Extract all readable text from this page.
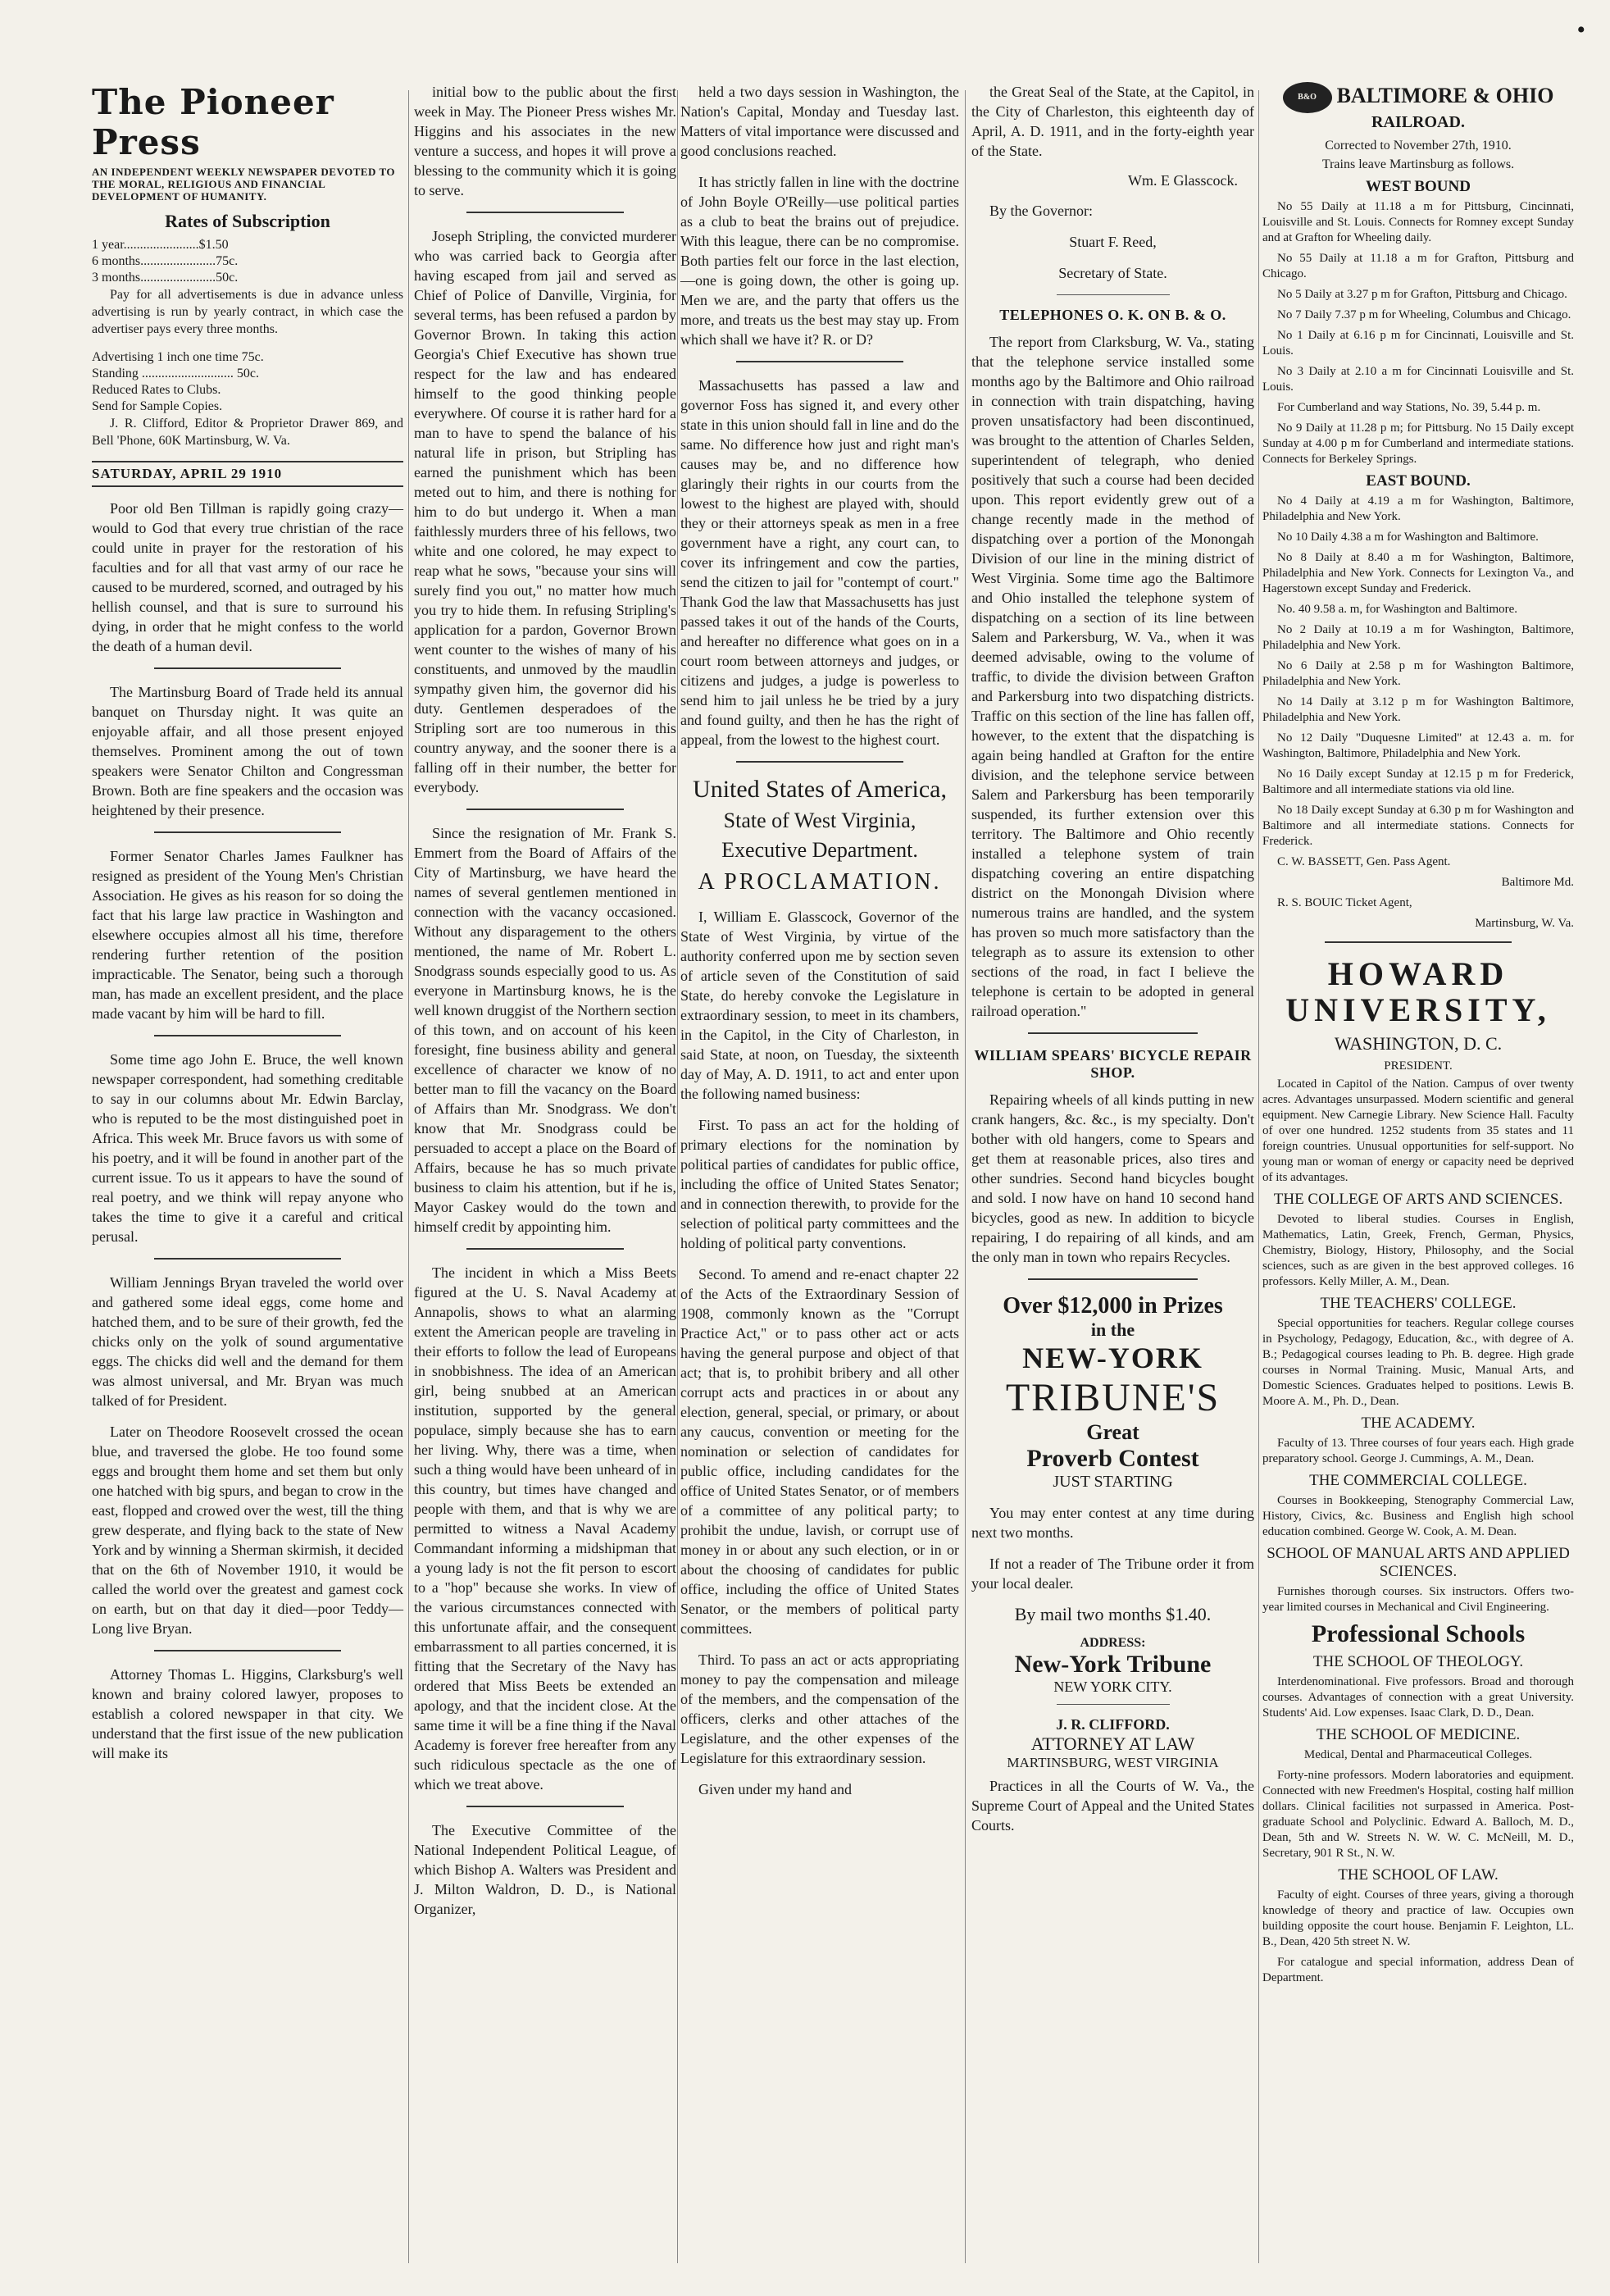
•
The Pioneer Press
AN INDEPENDENT WEEKLY NEWSPAPER DEVOTED TO THE MORAL, RELIGIOUS AND FINANCIAL DEVELOPMENT OF HUMANITY.
Rates of Subscription
1 year.......................$1.50
6 months.......................75c.
3 months.......................50c.

Pay for all advertisements is due in advance unless advertising is run by yearly contract, in which case the advertiser pays every three months.

Advertising 1 inch one time 75c.
Standing ............................ 50c.
Reduced Rates to Clubs.
Send for Sample Copies.

J. R. Clifford, Editor & Proprietor Drawer 869, and Bell 'Phone, 60K Martinsburg, W. Va.

SATURDAY, APRIL 29 1910

Poor old Ben Tillman is rapidly going crazy—would to God that every true christian of the race could unite in prayer for the restoration of his faculties and for all that vast army of our race he caused to be murdered, scorned, and outraged by his hellish counsel, and that is sure to surround his dying, in order that he might confess to the world the death of a human devil.

The Martinsburg Board of Trade held its annual banquet on Thursday night. It was quite an enjoyable affair, and all those present enjoyed themselves. Prominent among the out of town speakers were Senator Chilton and Congressman Brown. Both are fine speakers and the occasion was heightened by their presence.

Former Senator Charles James Faulkner has resigned as president of the Young Men's Christian Association. He gives as his reason for so doing the fact that his large law practice in Washington and elsewhere occupies almost all his time, therefore rendering further retention of the position impracticable. The Senator, being such a thorough man, has made an excellent president, and the place made vacant by him will be hard to fill.

Some time ago John E. Bruce, the well known newspaper correspondent, had something creditable to say in our columns about Mr. Edwin Barclay, who is reputed to be the most distinguished poet in Africa. This week Mr. Bruce favors us with some of his poetry, and it will be found in another part of the current issue. To us it appears to have the sound of real poetry, and we think will repay anyone who takes the time to give it a careful and critical perusal.

William Jennings Bryan traveled the world over and gathered some ideal eggs, come home and hatched them, and to be sure of their growth, fed the chicks only on the yolk of sound argumentative eggs. The chicks did well and the demand for them was almost universal, and Mr. Bryan was much talked of for President.

Later on Theodore Roosevelt crossed the ocean blue, and traversed the globe. He too found some eggs and brought them home and set them but only one hatched with big spurs, and began to crow in the east, flopped and crowed over the west, till the thing grew desperate, and flying back to the state of New York and by winning a Sherman skirmish, it decided that on the 6th of November 1910, it would be called the world over the greatest and gamest cock on earth, but on that day it died—poor Teddy—Long live Bryan.

Attorney Thomas L. Higgins, Clarksburg's well known and brainy colored lawyer, proposes to establish a colored newspaper in that city. We understand that the first issue of the new publication will make its

initial bow to the public about the first week in May. The Pioneer Press wishes Mr. Higgins and his associates in the new venture a success, and hopes it will prove a blessing to the community which it is going to serve.

Joseph Stripling, the convicted murderer who was carried back to Georgia after having escaped from jail and served as Chief of Police of Danville, Virginia, for several terms, has been refused a pardon by Governor Brown. In taking this action Georgia's Chief Executive has shown true respect for the law and has endeared himself to the good thinking people everywhere. Of course it is rather hard for a man to have to spend the balance of his natural life in prison, but Stripling has earned the punishment which has been meted out to him, and there is nothing for him to do but undergo it. When a man faithlessly murders three of his fellows, two white and one colored, he may expect to reap what he sows, "because your sins will surely find you out," no matter how much you try to hide them. In refusing Stripling's application for a pardon, Governor Brown went counter to the wishes of many of his constituents, and unmoved by the maudlin sympathy given him, the governor did his duty. Gentlemen desperadoes of the Stripling sort are too numerous in this country anyway, and the sooner there is a falling off in their number, the better for everybody.

Since the resignation of Mr. Frank S. Emmert from the Board of Affairs of the City of Martinsburg, we have heard the names of several gentlemen mentioned in connection with the vacancy occasioned. Without any disparagement to the others mentioned, the name of Mr. Robert L. Snodgrass sounds especially good to us. As everyone in Martinsburg knows, he is the well known druggist of the Northern section of this town, and on account of his keen foresight, fine business ability and general excellence of character we know of no better man to fill the vacancy on the Board of Affairs than Mr. Snodgrass. We don't know that Mr. Snodgrass could be persuaded to accept a place on the Board of Affairs, because he has so much private business to claim his attention, but if he is, Mayor Caskey would do the town and himself credit by appointing him.

The incident in which a Miss Beets figured at the U. S. Naval Academy at Annapolis, shows to what an alarming extent the American people are traveling in their efforts to follow the lead of Europeans in snobbishness. The idea of an American girl, being snubbed at an American institution, supported by the general populace, simply because she has to earn her living. Why, there was a time, when such a thing would have been unheard of in this country, but times have changed and people with them, and that is why we are permitted to witness a Naval Academy Commandant informing a midshipman that a young lady is not the fit person to escort to a "hop" because she works. In view of the various circumstances connected with this unfortunate affair, and the consequent embarrassment to all parties concerned, it is fitting that the Secretary of the Navy has ordered that Miss Beets be extended an apology, and that the incident close. At the same time it will be a fine thing if the Naval Academy is forever free hereafter from any such ridiculous spectacle as the one of which we treat above.

The Executive Committee of the National Independent Political League, of which Bishop A. Walters was President and J. Milton Waldron, D. D., is National Organizer,

held a two days session in Washington, the Nation's Capital, Monday and Tuesday last. Matters of vital importance were discussed and good conclusions reached.

It has strictly fallen in line with the doctrine of John Boyle O'Reilly—use political parties as a club to beat the brains out of prejudice. With this league, there can be no compromise. Both parties felt our force in the last election,—one is going down, the other is going up. Men we are, and the party that offers us the more, and treats us the best may stay up. From which shall we have it? R. or D?

Massachusetts has passed a law and governor Foss has signed it, and every other state in this union should fall in line and do the same. No difference how just and right man's causes may be, and no difference how glaringly their rights in our courts from the lowest to the highest are played with, should they or their attorneys speak as men in a free government have a right, any court can, to cover its infringement and cow the parties, send the citizen to jail for "contempt of court." Thank God the law that Massachusetts has just passed takes it out of the hands of the Courts, and hereafter no difference what goes on in a court room between attorneys and judges, or citizens and judges, a judge is powerless to send him to jail unless he be tried by a jury and found guilty, and then he has the right of appeal, from the lowest to the highest court.

United States of America,
State of West Virginia,
Executive Department.
A PROCLAMATION.

I, William E. Glasscock, Governor of the State of West Virginia, by virtue of the authority conferred upon me by section seven of article seven of the Constitution of said State, do hereby convoke the Legislature in extraordinary session, to meet in its chambers, in the Capitol, in the City of Charleston, in said State, at noon, on Tuesday, the sixteenth day of May, A. D. 1911, to act and enter upon the following named business:

First. To pass an act for the holding of primary elections for the nomination by political parties of candidates for public office, including the office of United States Senator; and in connection therewith, to provide for the selection of political party committees and the holding of political party conventions.

Second. To amend and re-enact chapter 22 of the Acts of the Extraordinary Session of 1908, commonly known as the "Corrupt Practice Act," or to pass other act or acts having the general purpose and object of that act; that is, to prohibit bribery and all other corrupt acts and practices in or about any election, general, special, or primary, or about any caucus, convention or meeting for the nomination or selection of candidates for public office, including candidates for the office of United States Senator, or of members of a committee of any political party; to prohibit the undue, lavish, or corrupt use of money in or about any such election, or in or about the choosing of candidates for public office, including the office of United States Senator, or the members of political party committees.

Third. To pass an act or acts appropriating money to pay the compensation and mileage of the members, and the compensation of the officers, clerks and other attaches of the Legislature, and the other expenses of the Legislature for this extraordinary session.

Given under my hand and

the Great Seal of the State, at the Capitol, in the City of Charleston, this eighteenth day of April, A. D. 1911, and in the forty-eighth year of the State.

Wm. E Glasscock.

By the Governor:

Stuart F. Reed,

Secretary of State.

TELEPHONES O. K. ON B. & O.

The report from Clarksburg, W. Va., stating that the telephone service installed some months ago by the Baltimore and Ohio railroad in connection with train dispatching, having proven unsatisfactory had been discontinued, was brought to the attention of Charles Selden, superintendent of telegraph, who denied positively that such a course had been decided upon. This report evidently grew out of a change recently made in the method of dispatching over a portion of the Monongah Division of our line in the mining district of West Virginia. Some time ago the Baltimore and Ohio installed the telephone system of dispatching on a section of its line between Salem and Parkersburg, W. Va., when it was deemed advisable, owing to the volume of traffic, to divide the division between Grafton and Parkersburg into two dispatching districts. Traffic on this section of the line has fallen off, however, to the extent that the dispatching is again being handled at Grafton for the entire division, and the telephone service between Salem and Parkersburg has been temporarily suspended, its further extension over this territory. The Baltimore and Ohio recently installed a telephone system of train dispatching covering an entire dispatching district on the Monongah Division where numerous trains are handled, and the system has proven so much more satisfactory than the telegraph as to assure its extension to other sections of the road, in fact I believe the telephone is certain to be adopted in general railroad operation."

WILLIAM SPEARS' BICYCLE REPAIR SHOP.

Repairing wheels of all kinds putting in new crank hangers, &c. &c., is my specialty. Don't bother with old hangers, come to Spears and get them at reasonable prices, also tires and other sundries. Second hand bicycles bought and sold. I now have on hand 10 second hand bicycles, good as new. In addition to bicycle repairing, I do repairing of all kinds, and am the only man in town who repairs Recycles.

Over $12,000 in Prizes
in the
NEW-YORK
TRIBUNE'S
Great
Proverb Contest
JUST STARTING

You may enter contest at any time during next two months.

If not a reader of The Tribune order it from your local dealer.

By mail two months $1.40.

ADDRESS:
New-York Tribune
NEW YORK CITY.
J. R. CLIFFORD.
ATTORNEY AT LAW
MARTINSBURG, WEST VIRGINIA

Practices in all the Courts of W. Va., the Supreme Court of Appeal and the United States Courts.

B&O BALTIMORE & OHIO
RAILROAD.

Corrected to November 27th, 1910.

Trains leave Martinsburg as follows.

WEST BOUND

No 55 Daily at 11.18 a m for Pittsburg, Cincinnati, Louisville and St. Louis. Connects for Romney except Sunday and at Grafton for Wheeling daily.

No 55 Daily at 11.18 a m for Grafton, Pittsburg and Chicago.

No 5 Daily at 3.27 p m for Grafton, Pittsburg and Chicago.

No 7 Daily 7.37 p m for Wheeling, Columbus and Chicago.

No 1 Daily at 6.16 p m for Cincinnati, Louisville and St. Louis.

No 3 Daily at 2.10 a m for Cincinnati Louisville and St. Louis.

For Cumberland and way Stations, No. 39, 5.44 p. m.

No 9 Daily at 11.28 p m; for Pittsburg. No 15 Daily except Sunday at 4.00 p m for Cumberland and intermediate stations. Connects for Berkeley Springs.

EAST BOUND.

No 4 Daily at 4.19 a m for Washington, Baltimore, Philadelphia and New York.

No 10 Daily 4.38 a m for Washington and Baltimore.

No 8 Daily at 8.40 a m for Washington, Baltimore, Philadelphia and New York. Connects for Lexington Va., and Hagerstown except Sunday and Frederick.

No. 40 9.58 a. m, for Washington and Baltimore.

No 2 Daily at 10.19 a m for Washington, Baltimore, Philadelphia and New York.

No 6 Daily at 2.58 p m for Washington Baltimore, Philadelphia and New York.

No 14 Daily at 3.12 p m for Washington Baltimore, Philadelphia and New York.

No 12 Daily "Duquesne Limited" at 12.43 a. m. for Washington, Baltimore, Philadelphia and New York.

No 16 Daily except Sunday at 12.15 p m for Frederick, Baltimore and all intermediate stations via old line.

No 18 Daily except Sunday at 6.30 p m for Washington and Baltimore and all intermediate stations. Connects for Frederick.

C. W. BASSETT, Gen. Pass Agent.

Baltimore Md.

R. S. BOUIC Ticket Agent,

Martinsburg, W. Va.

HOWARD UNIVERSITY,
WASHINGTON, D. C.
PRESIDENT.

Located in Capitol of the Nation. Campus of over twenty acres. Advantages unsurpassed. Modern scientific and general equipment. New Carnegie Library. New Science Hall. Faculty of over one hundred. 1252 students from 35 states and 11 foreign countries. Unusual opportunities for self-support. No young man or woman of energy or capacity need be deprived of its advantages.

THE COLLEGE OF ARTS AND SCIENCES.

Devoted to liberal studies. Courses in English, Mathematics, Latin, Greek, French, German, Physics, Chemistry, Biology, History, Philosophy, and the Social sciences, such as are given in the best approved colleges. 16 professors. Kelly Miller, A. M., Dean.

THE TEACHERS' COLLEGE.

Special opportunities for teachers. Regular college courses in Psychology, Pedagogy, Education, &c., with degree of A. B.; Pedagogical courses leading to Ph. B. degree. High grade courses in Normal Training. Music, Manual Arts, and Domestic Sciences. Graduates helped to positions. Lewis B. Moore A. M., Ph. D., Dean.

THE ACADEMY.

Faculty of 13. Three courses of four years each. High grade preparatory school. George J. Cummings, A. M., Dean.

THE COMMERCIAL COLLEGE.

Courses in Bookkeeping, Stenography Commercial Law, History, Civics, &c. Business and English high school education combined. George W. Cook, A. M. Dean.

SCHOOL OF MANUAL ARTS AND APPLIED SCIENCES.

Furnishes thorough courses. Six instructors. Offers two-year limited courses in Mechanical and Civil Engineering.

Professional Schools
THE SCHOOL OF THEOLOGY.

Interdenominational. Five professors. Broad and thorough courses. Advantages of connection with a great University. Students' Aid. Low expenses. Isaac Clark, D. D., Dean.

THE SCHOOL OF MEDICINE.

Medical, Dental and Pharmaceutical Colleges.

Forty-nine professors. Modern laboratories and equipment. Connected with new Freedmen's Hospital, costing half million dollars. Clinical facilities not surpassed in America. Post-graduate School and Polyclinic. Edward A. Balloch, M. D., Dean, 5th and W. Streets N. W. W. C. McNeill, M. D., Secretary, 901 R St., N. W.

THE SCHOOL OF LAW.

Faculty of eight. Courses of three years, giving a thorough knowledge of theory and practice of law. Occupies own building opposite the court house. Benjamin F. Leighton, LL. B., Dean, 420 5th street N. W.

For catalogue and special information, address Dean of Department.
